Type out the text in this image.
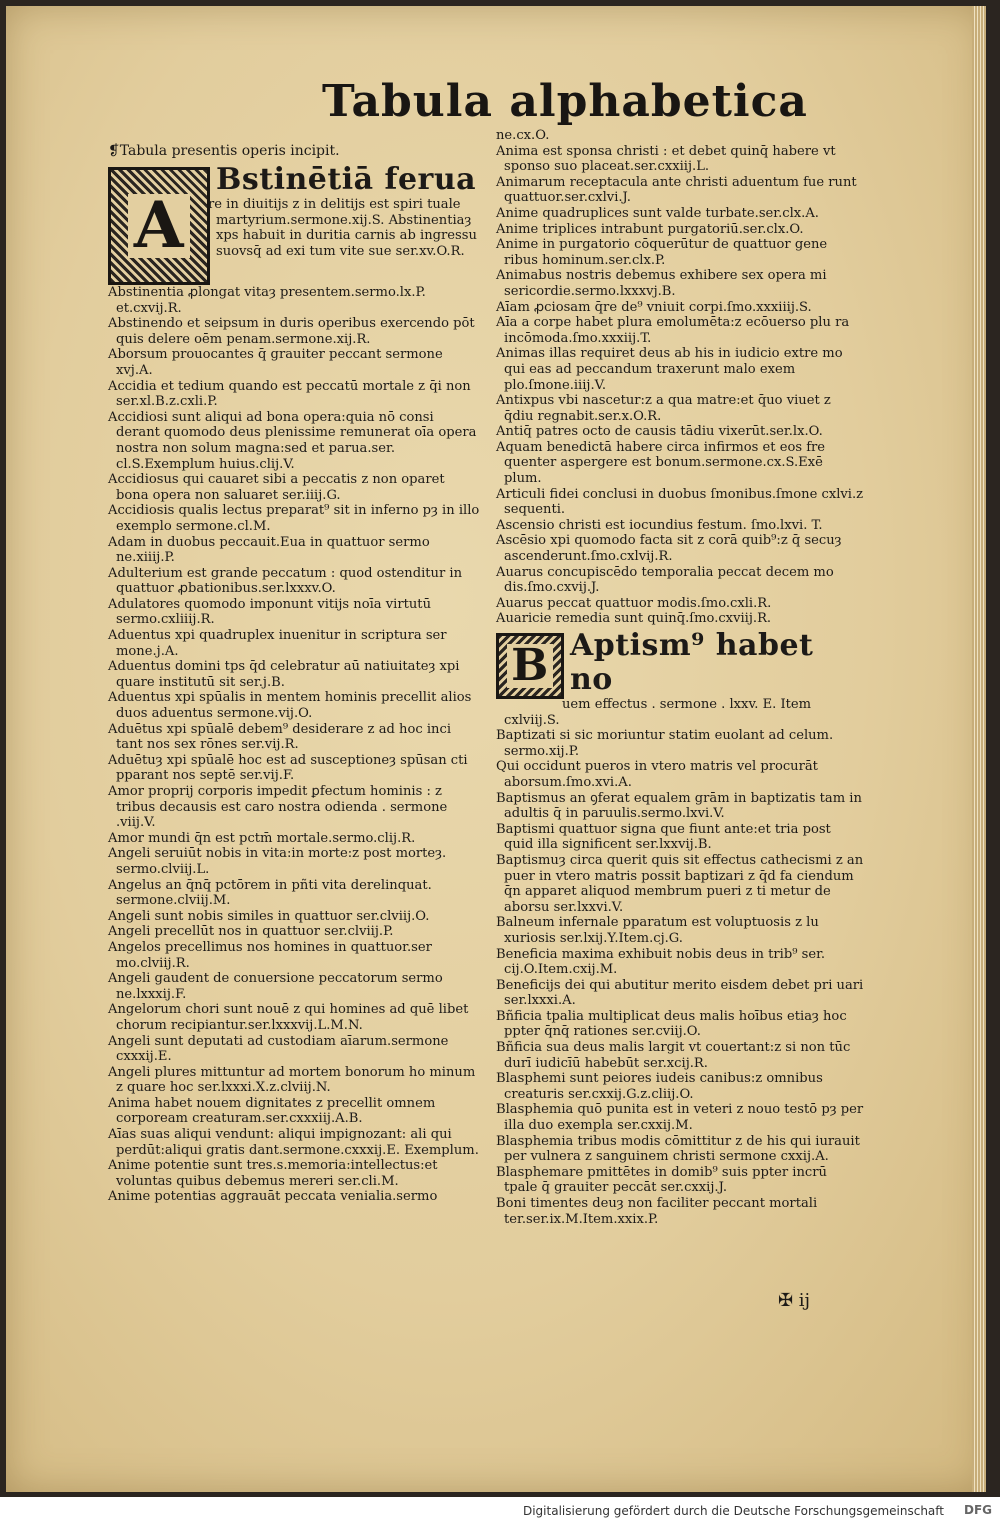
Tabula alphabetica

❡Tabula presentis operis incipit.

A
Bstinētiā ferua

re in diuitijs z in delitijs est spiri tuale martyrium.sermone.xij.S. Abstinentiaȝ xps habuit in duritia carnis ab ingressu suovsq̄ ad exi tum vite sue ser.xv.O.R.

Abstinentia ꝓlongat vitaȝ presentem.sermo.lx.P. et.cxvij.R.

Abstinendo et seipsum in duris operibus exercendo pōt quis delere oēm penam.sermone.xij.R.

Aborsum prouocantes q̄ grauiter peccant sermone xvj.A.

Accidia et tedium quando est peccatū mortale z q̄i non ser.xl.B.z.cxli.P.

Accidiosi sunt aliqui ad bona opera:quia nō consi derant quomodo deus plenissime remunerat oīa opera nostra non solum magna:sed et parua.ser. cl.S.Exemplum huius.clij.V.

Accidiosus qui cauaret sibi a peccatis z non oparet bona opera non saluaret ser.iiij.G.

Accidiosis qualis lectus preparat⁹ sit in inferno pȝ in illo exemplo sermone.cl.M.

Adam in duobus peccauit.Eua in quattuor sermo ne.xiiij.P.

Adulterium est grande peccatum : quod ostenditur in quattuor ꝓbationibus.ser.lxxxv.O.

Adulatores quomodo imponunt vitijs noīa virtutū sermo.cxliiij.R.

Aduentus xpi quadruplex inuenitur in scriptura ser mone.j.A.

Aduentus domini tps q̄d celebratur aū natiuitateȝ xpi quare institutū sit ser.j.B.

Aduentus xpi spūalis in mentem hominis precellit alios duos aduentus sermone.vij.O.

Aduētus xpi spūalē debem⁹ desiderare z ad hoc inci tant nos sex rōnes ser.vij.R.

Aduētuȝ xpi spūalē hoc est ad susceptioneȝ spūsan cti pparant nos septē ser.vij.F.

Amor proprij corporis impedit ꝑfectum hominis : z tribus decausis est caro nostra odienda . sermone .viij.V.

Amor mundi q̄n est pctm̄ mortale.sermo.clij.R.

Angeli seruiūt nobis in vita:in morte:z post morteȝ. sermo.clviij.L.

Angelus an q̄nq̄ pctōrem in pñti vita derelinquat. sermone.clviij.M.

Angeli sunt nobis similes in quattuor ser.clviij.O.

Angeli precellūt nos in quattuor ser.clviij.P.

Angelos precellimus nos homines in quattuor.ser mo.clviij.R.

Angeli gaudent de conuersione peccatorum sermo ne.lxxxij.F.

Angelorum chori sunt nouē z qui homines ad quē libet chorum recipiantur.ser.lxxxvij.L.M.N.

Angeli sunt deputati ad custodiam aīarum.sermone cxxxij.E.

Angeli plures mittuntur ad mortem bonorum ho minum z quare hoc ser.lxxxi.X.z.clviij.N.

Anima habet nouem dignitates z precellit omnem corpoream creaturam.ser.cxxxiij.A.B.

Aīas suas aliqui vendunt: aliqui impignozant: ali qui perdūt:aliqui gratis dant.sermone.cxxxij.E. Exemplum.

Anime potentie sunt tres.s.memoria:intellectus:et voluntas quibus debemus mereri ser.cli.M.

Anime potentias aggrauāt peccata venialia.sermo

ne.cx.O.

Anima est sponsa christi : et debet quinq̄ habere vt sponso suo placeat.ser.cxxiij.L.

Animarum receptacula ante christi aduentum fue runt quattuor.ser.cxlvi.J.

Anime quadruplices sunt valde turbate.ser.clx.A.

Anime triplices intrabunt purgatoriū.ser.clx.O.

Anime in purgatorio cōquerūtur de quattuor gene ribus hominum.ser.clx.P.

Animabus nostris debemus exhibere sex opera mi sericordie.sermo.lxxxvj.B.

Aīam ꝓciosam q̄re de⁹ vniuit corpi.ſmo.xxxiiij.S.

Aīa a corpe habet plura emolumēta:z ecōuerso plu ra incōmoda.ſmo.xxxiij.T.

Animas illas requiret deus ab his in iudicio extre mo qui eas ad peccandum traxerunt malo exem plo.ſmone.iiij.V.

Antixpus vbi nascetur:z a qua matre:et q̄uo viuet z q̄diu regnabit.ser.x.O.R.

Antiq̄ patres octo de causis tādiu vixerūt.ser.lx.O.

Aquam benedictā habere circa infirmos et eos fre quenter aspergere est bonum.sermone.cx.S.Exē plum.

Articuli fidei conclusi in duobus ſmonibus.ſmone cxlvi.z sequenti.

Ascensio christi est iocundius festum. ſmo.lxvi. T.

Ascēsio xpi quomodo facta sit z corā quib⁹:z q̄ secuȝ ascenderunt.ſmo.cxlvij.R.

Auarus concupiscēdo temporalia peccat decem mo dis.ſmo.cxvij.J.

Auarus peccat quattuor modis.ſmo.cxli.R.

Auaricie remedia sunt quinq̄.ſmo.cxviij.R.

B Aptism⁹ habet no

uem effectus . sermone . lxxv. E. Item cxlviij.S.

Baptizati si sic moriuntur statim euolant ad celum. sermo.xij.P.

Qui occidunt pueros in vtero matris vel procurāt aborsum.ſmo.xvi.A.

Baptismus an ꝯferat equalem grām in baptizatis tam in adultis q̄ in paruulis.sermo.lxvi.V.

Baptismi quattuor signa que fiunt ante:et tria post quid illa significent ser.lxxvij.B.

Baptismuȝ circa querit quis sit effectus cathecismi z an puer in vtero matris possit baptizari z q̄d fa ciendum q̄n apparet aliquod membrum pueri z ti metur de aborsu ser.lxxvi.V.

Balneum infernale pparatum est voluptuosis z lu xuriosis ser.lxij.Y.Item.cj.G.

Beneficia maxima exhibuit nobis deus in trib⁹ ser. cij.O.Item.cxij.M.

Beneficijs dei qui abutitur merito eisdem debet pri uari ser.lxxxi.A.

Bñficia tpalia multiplicat deus malis hoībus etiaȝ hoc ppter q̄nq̄ rationes ser.cviij.O.

Bñficia sua deus malis largit vt couertant:z si non tūc durī iudicīū habebūt ser.xcij.R.

Blasphemi sunt peiores iudeis canibus:z omnibus creaturis ser.cxxij.G.z.cliij.O.

Blasphemia quō punita est in veteri z nouo testō pȝ per illa duo exempla ser.cxxij.M.

Blasphemia tribus modis cōmittitur z de his qui iurauit per vulnera z sanguinem christi sermone cxxij.A.

Blasphemare pmittētes in domib⁹ suis ppter incrū tpale q̄ grauiter peccāt ser.cxxij.J.

Boni timentes deuȝ non faciliter peccant mortali ter.ser.ix.M.Item.xxix.P.

✠ ij
Digitalisierung gefördert durch die Deutsche Forschungsgemeinschaft DFG
